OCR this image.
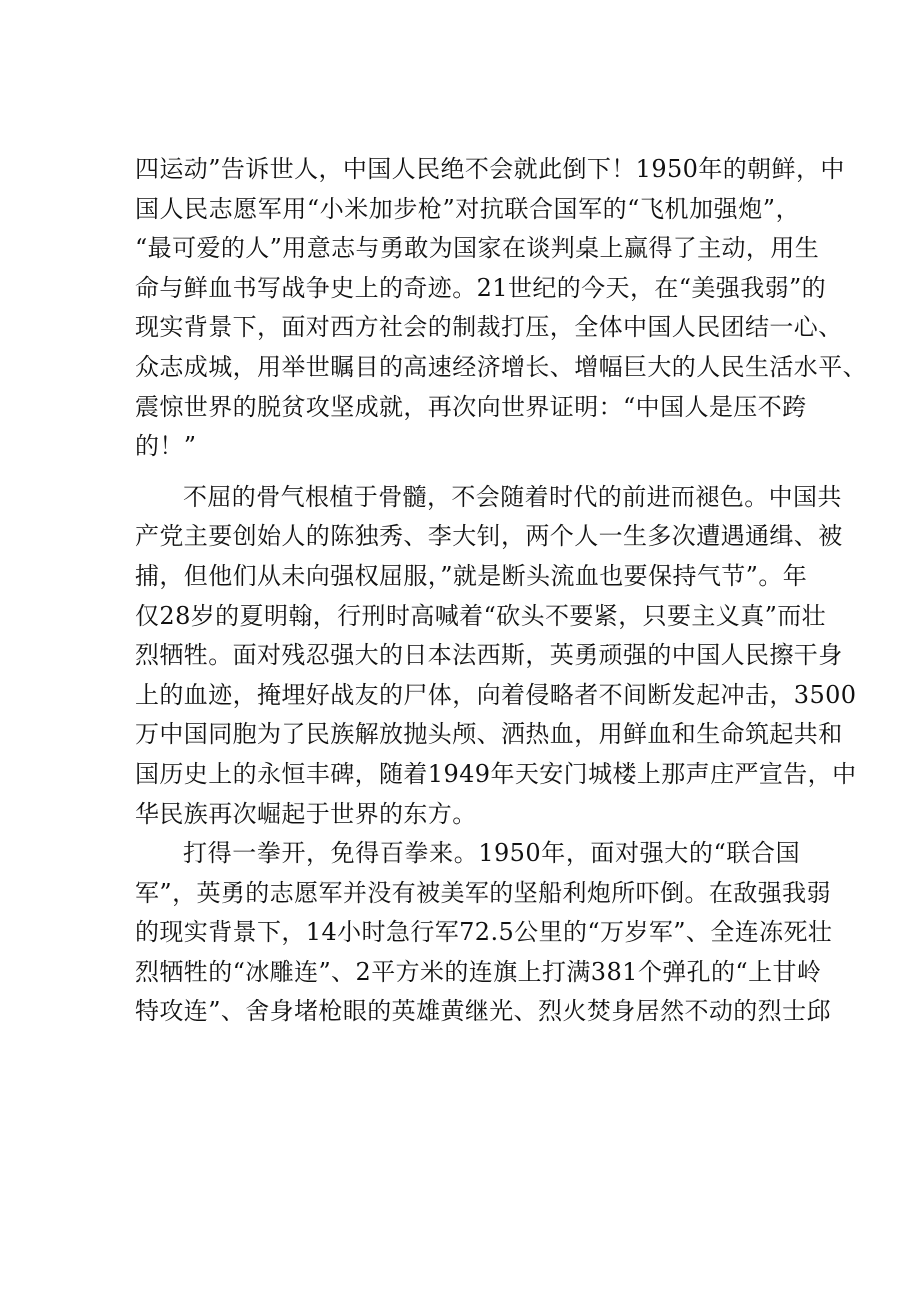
四运动”告诉世人，中国人民绝不会就此倒下！1950年的朝鲜，中
国人民志愿军用“小米加步枪”对抗联合国军的“飞机加强炮”，
“最可爱的人”用意志与勇敢为国家在谈判桌上赢得了主动，用生
命与鲜血书写战争史上的奇迹。21世纪的今天，在“美强我弱”的
现实背景下，面对西方社会的制裁打压，全体中国人民团结一心、
众志成城，用举世瞩目的高速经济增长、增幅巨大的人民生活水平、
震惊世界的脱贫攻坚成就，再次向世界证明：“中国人是压不跨
的！”
不屈的骨气根植于骨髓，不会随着时代的前进而褪色。中国共
产党主要创始人的陈独秀、李大钊，两个人一生多次遭遇通缉、被
捕，但他们从未向强权屈服，”就是断头流血也要保持气节”。年
仅28岁的夏明翰，行刑时高喊着“砍头不要紧，只要主义真”而壮
烈牺牲。面对残忍强大的日本法西斯，英勇顽强的中国人民擦干身
上的血迹，掩埋好战友的尸体，向着侵略者不间断发起冲击，3500
万中国同胞为了民族解放抛头颅、洒热血，用鲜血和生命筑起共和
国历史上的永恒丰碑，随着1949年天安门城楼上那声庄严宣告，中
华民族再次崛起于世界的东方。
打得一拳开，免得百拳来。1950年，面对强大的“联合国
军”，英勇的志愿军并没有被美军的坚船利炮所吓倒。在敌强我弱
的现实背景下，14小时急行军72.5公里的“万岁军”、全连冻死壮
烈牺牲的“冰雕连”、2平方米的连旗上打满381个弹孔的“上甘岭
特攻连”、舍身堵枪眼的英雄黄继光、烈火焚身居然不动的烈士邱
